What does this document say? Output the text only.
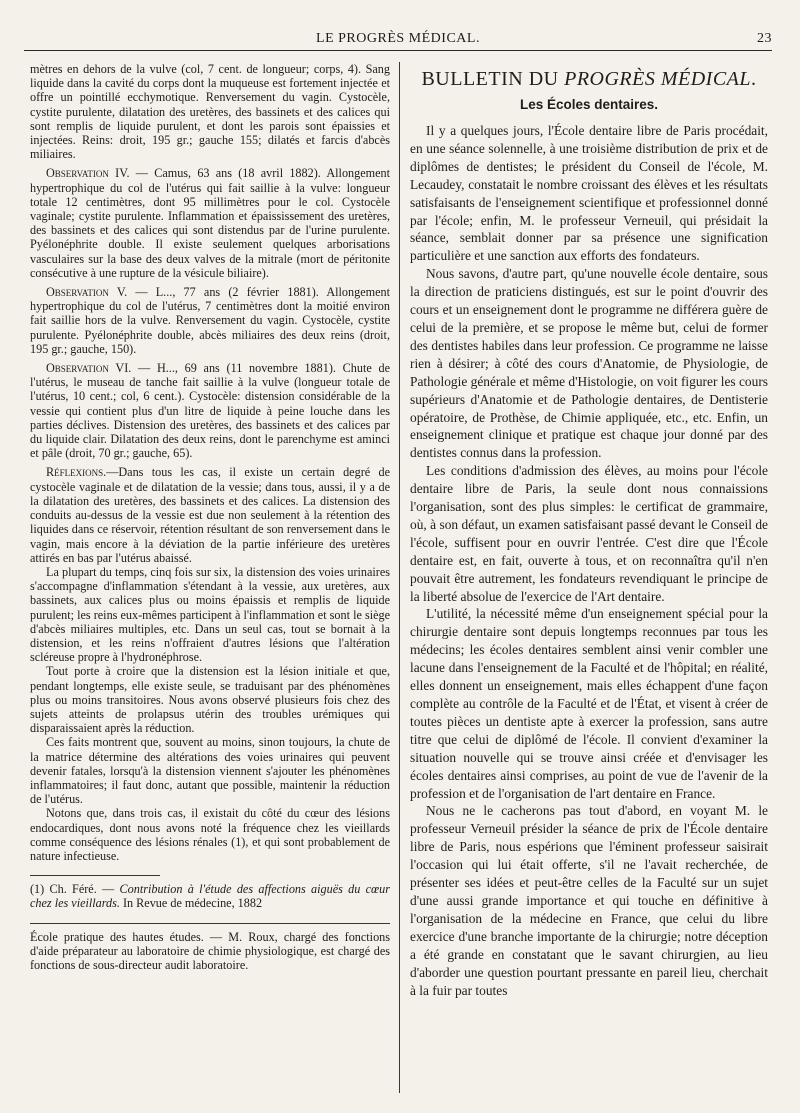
LE PROGRÈS MÉDICAL.	23

mètres en dehors de la vulve (col, 7 cent. de longueur; corps, 4). Sang liquide dans la cavité du corps dont la muqueuse est fortement injectée et offre un pointillé ecchymotique. Renversement du vagin. Cystocèle, cystite purulente, dilatation des uretères, des bassinets et des calices qui sont remplis de liquide purulent, et dont les parois sont épaissies et injectées. Reins: droit, 195 gr.; gauche 155; dilatés et farcis d'abcès miliaires.

Observation IV. — Camus, 63 ans (18 avril 1882). Allongement hypertrophique du col de l'utérus qui fait saillie à la vulve: longueur totale 12 centimètres, dont 95 millimètres pour le col. Cystocèle vaginale; cystite purulente. Inflammation et épaississement des uretères, des bassinets et des calices qui sont distendus par de l'urine purulente. Pyélonéphrite double. Il existe seulement quelques arborisations vasculaires sur la base des deux valves de la mitrale (mort de péritonite consécutive à une rupture de la vésicule biliaire).

Observation V. — L..., 77 ans (2 février 1881). Allongement hypertrophique du col de l'utérus, 7 centimètres dont la moitié environ fait saillie hors de la vulve. Renversement du vagin. Cystocèle, cystite purulente. Pyélonéphrite double, abcès miliaires des deux reins (droit, 195 gr.; gauche, 150).

Observation VI. — H..., 69 ans (11 novembre 1881). Chute de l'utérus, le museau de tanche fait saillie à la vulve (longueur totale de l'utérus, 10 cent.; col, 6 cent.). Cystocèle: distension considérable de la vessie qui contient plus d'un litre de liquide à peine louche dans les parties déclives. Distension des uretères, des bassinets et des calices par du liquide clair. Dilatation des deux reins, dont le parenchyme est aminci et pâle (droit, 70 gr.; gauche, 65).

Réflexions.—Dans tous les cas, il existe un certain degré de cystocèle vaginale et de dilatation de la vessie; dans tous, aussi, il y a de la dilatation des uretères, des bassinets et des calices. La distension des conduits au-dessus de la vessie est due non seulement à la rétention des liquides dans ce réservoir, rétention résultant de son renversement dans le vagin, mais encore à la déviation de la partie inférieure des uretères attirés en bas par l'utérus abaissé.

La plupart du temps, cinq fois sur six, la distension des voies urinaires s'accompagne d'inflammation s'étendant à la vessie, aux uretères, aux bassinets, aux calices plus ou moins épaissis et remplis de liquide purulent; les reins eux-mêmes participent à l'inflammation et sont le siège d'abcès miliaires multiples, etc. Dans un seul cas, tout se bornait à la distension, et les reins n'offraient d'autres lésions que l'altération scléreuse propre à l'hydronéphrose.

Tout porte à croire que la distension est la lésion initiale et que, pendant longtemps, elle existe seule, se traduisant par des phénomènes plus ou moins transitoires. Nous avons observé plusieurs fois chez des sujets atteints de prolapsus utérin des troubles urémiques qui disparaissaient après la réduction.

Ces faits montrent que, souvent au moins, sinon toujours, la chute de la matrice détermine des altérations des voies urinaires qui peuvent devenir fatales, lorsqu'à la distension viennent s'ajouter les phénomènes inflammatoires; il faut donc, autant que possible, maintenir la réduction de l'utérus.

Notons que, dans trois cas, il existait du côté du cœur des lésions endocardiques, dont nous avons noté la fréquence chez les vieillards comme conséquence des lésions rénales (1), et qui sont probablement de nature infectieuse.

(1) Ch. Féré. — Contribution à l'étude des affections aiguës du cœur chez les vieillards. In Revue de médecine, 1882

École pratique des hautes études. — M. Roux, chargé des fonctions d'aide préparateur au laboratoire de chimie physiologique, est chargé des fonctions de sous-directeur audit laboratoire.

BULLETIN DU PROGRÈS MÉDICAL.
Les Écoles dentaires.

Il y a quelques jours, l'École dentaire libre de Paris procédait, en une séance solennelle, à une troisième distribution de prix et de diplômes de dentistes; le président du Conseil de l'école, M. Lecaudey, constatait le nombre croissant des élèves et les résultats satisfaisants de l'enseignement scientifique et professionnel donné par l'école; enfin, M. le professeur Verneuil, qui présidait la séance, semblait donner par sa présence une signification particulière et une sanction aux efforts des fondateurs.

Nous savons, d'autre part, qu'une nouvelle école dentaire, sous la direction de praticiens distingués, est sur le point d'ouvrir des cours et un enseignement dont le programme ne différera guère de celui de la première, et se propose le même but, celui de former des dentistes habiles dans leur profession. Ce programme ne laisse rien à désirer; à côté des cours d'Anatomie, de Physiologie, de Pathologie générale et même d'Histologie, on voit figurer les cours supérieurs d'Anatomie et de Pathologie dentaires, de Dentisterie opératoire, de Prothèse, de Chimie appliquée, etc., etc. Enfin, un enseignement clinique et pratique est chaque jour donné par des dentistes connus dans la profession.

Les conditions d'admission des élèves, au moins pour l'école dentaire libre de Paris, la seule dont nous connaissions l'organisation, sont des plus simples: le certificat de grammaire, où, à son défaut, un examen satisfaisant passé devant le Conseil de l'école, suffisent pour en ouvrir l'entrée. C'est dire que l'École dentaire est, en fait, ouverte à tous, et on reconnaîtra qu'il n'en pouvait être autrement, les fondateurs revendiquant le principe de la liberté absolue de l'exercice de l'Art dentaire.

L'utilité, la nécessité même d'un enseignement spécial pour la chirurgie dentaire sont depuis longtemps reconnues par tous les médecins; les écoles dentaires semblent ainsi venir combler une lacune dans l'enseignement de la Faculté et de l'hôpital; en réalité, elles donnent un enseignement, mais elles échappent d'une façon complète au contrôle de la Faculté et de l'État, et visent à créer de toutes pièces un dentiste apte à exercer la profession, sans autre titre que celui de diplômé de l'école. Il convient d'examiner la situation nouvelle qui se trouve ainsi créée et d'envisager les écoles dentaires ainsi comprises, au point de vue de l'avenir de la profession et de l'organisation de l'art dentaire en France.

Nous ne le cacherons pas tout d'abord, en voyant M. le professeur Verneuil présider la séance de prix de l'École dentaire libre de Paris, nous espérions que l'éminent professeur saisirait l'occasion qui lui était offerte, s'il ne l'avait recherchée, de présenter ses idées et peut-être celles de la Faculté sur un sujet d'une aussi grande importance et qui touche en définitive à l'organisation de la médecine en France, que celui du libre exercice d'une branche importante de la chirurgie; notre déception a été grande en constatant que le savant chirurgien, au lieu d'aborder une question pourtant pressante en pareil lieu, cherchait à la fuir par toutes
